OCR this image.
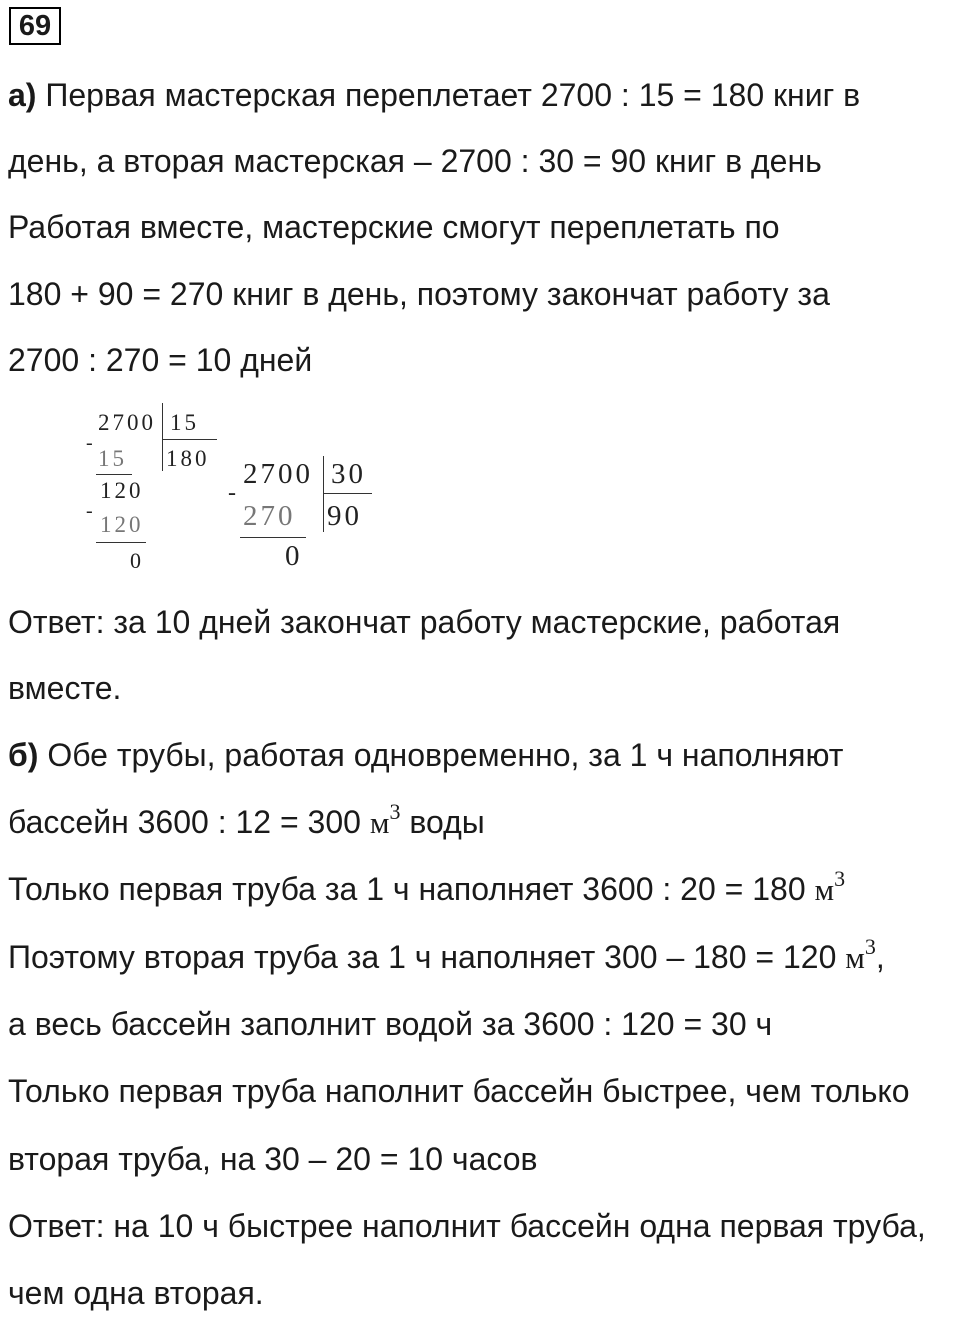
69
а) Первая мастерская переплетает 2700 : 15 = 180 книг в
день, а вторая мастерская – 2700 : 30 = 90 книг в день
Работая вместе, мастерские смогут переплетать по
180 + 90 = 270 книг в день, поэтому закончат работу за
2700 : 270 = 10 дней
-
2700 15
180
15
120
-
120
0
-
2700 30
90
270
0
Ответ: за 10 дней закончат работу мастерские, работая
вместе.
б) Обе трубы, работая одновременно, за 1 ч наполняют
бассейн 3600 : 12 = 300 $м^3$ воды
Только первая труба за 1 ч наполняет 3600 : 20 = 180 $м^3$
Поэтому вторая труба за 1 ч наполняет 300 – 180 = 120 $м^3$,
а весь бассейн заполнит водой за 3600 : 120 = 30 ч
Только первая труба наполнит бассейн быстрее, чем только
вторая труба, на 30 – 20 = 10 часов
Ответ: на 10 ч быстрее наполнит бассейн одна первая труба,
чем одна вторая.
